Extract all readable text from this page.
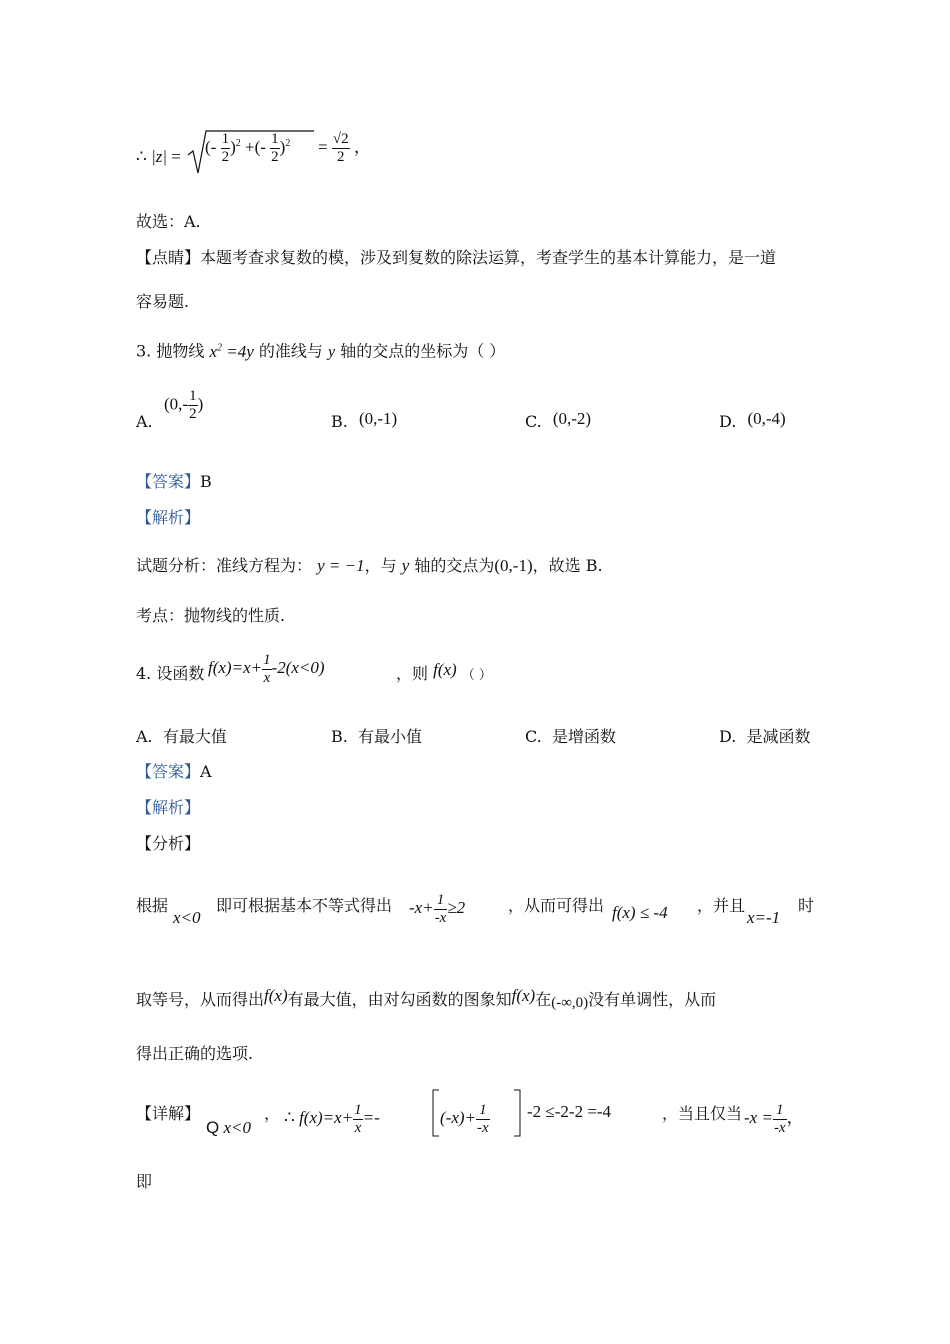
∴ |z| =
(- $\frac{1}{2} )^2$ +(- $\frac{1}{2} )^2 = \frac{√2}{2}$ ，
故选：A.
【点睛】本题考查求复数的模，涉及到复数的除法运算，考查学生的基本计算能力，是一道
容易题.
3. 抛物线 $x^2 =4y$ 的准线与 y 轴的交点的坐标为（ ）
A.
($0,- \frac{1}{2}$ )
B. (0,-1)	C. (0,-2)	D. (0,-4)
【答案】B
【解析】
试题分析：准线方程为： y = −1，与 y 轴的交点为(0,-1)，故选 B.
考点：抛物线的性质.
4. 设函数 $f(x)=x+ \frac{1}{x} -2(x<0)$	，则 f(x) （ ）
A. 有最大值	B. 有最小值	C. 是增函数	D. 是减函数
【答案】A
【解析】
【分析】
根据
x<0
即可根据基本不等式得出 $-x+ \frac{1}{-x} \ge 2$	，从而可得出 f(x) ≤ -4 ，并且
x=-1
时
取等号，从而得出f(x)有最大值，由对勾函数的图象知f(x)在(-∞,0)没有单调性，从而
得出正确的选项.
【详解】
Q x<0
， ∴ $f(x)=x+ \frac{1}{x}$ =-	$(-x)+ \frac{1}{-x} -2 \le-2-2 =-4$	，当且仅当 $-x = \frac{1}{-x}$ ，
即
